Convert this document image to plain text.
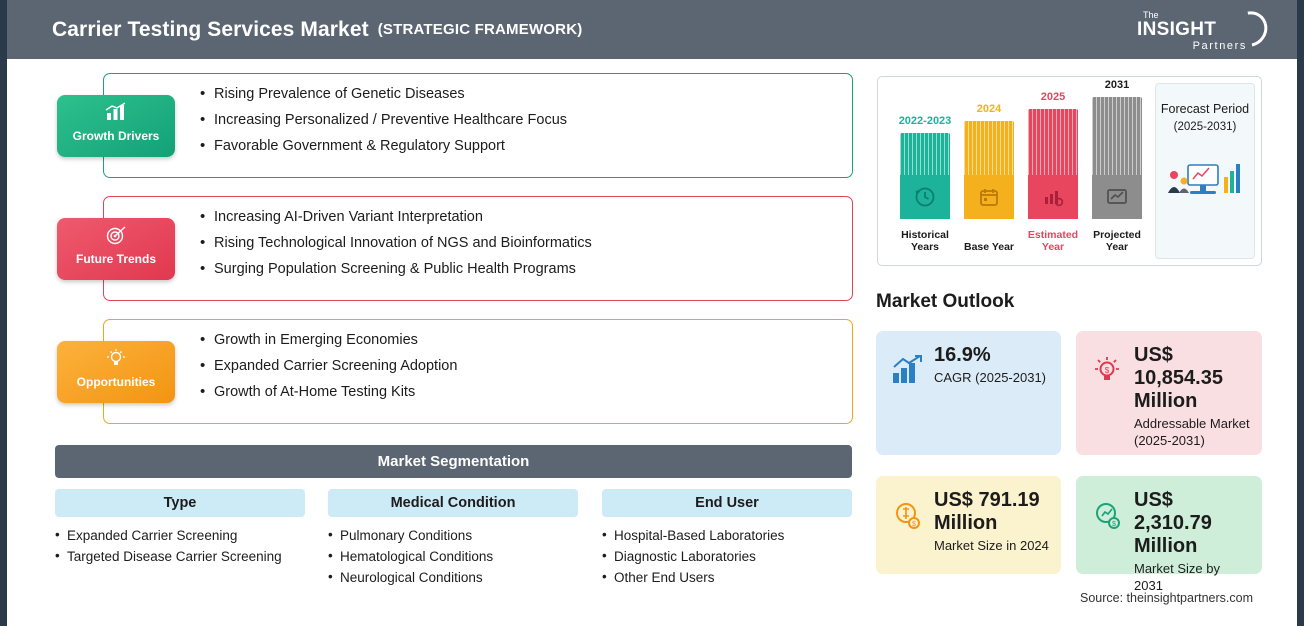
Carrier Testing Services Market (STRATEGIC FRAMEWORK)
The
INSIGHT
Partners
• Rising Prevalence of Genetic Diseases
• Increasing Personalized / Preventive Healthcare Focus
• Favorable Government & Regulatory Support
Growth Drivers
• Increasing AI-Driven Variant Interpretation
• Rising Technological Innovation of NGS and Bioinformatics
• Surging Population Screening & Public Health Programs
Future Trends
• Growth in Emerging Economies
• Expanded Carrier Screening Adoption
• Growth of At-Home Testing Kits
Opportunities
Market Segmentation
Type
• Expanded Carrier Screening
• Targeted Disease Carrier Screening
Medical Condition
• Pulmonary Conditions
• Hematological Conditions
• Neurological Conditions
End User
• Hospital-Based Laboratories
• Diagnostic Laboratories
• Other End Users
2022-2023
Historical Years
2024
Base Year
2025
Estimated Year
2031
Projected Year
Forecast Period
(2025-2031)
Market Outlook
16.9%
CAGR (2025-2031)	$
US$ 10,854.35 Million
Addressable Market (2025-2031)
$
US$ 791.19 Million
Market Size in 2024
$
US$ 2,310.79 Million
Market Size by 2031
Source: theinsightpartners.com
